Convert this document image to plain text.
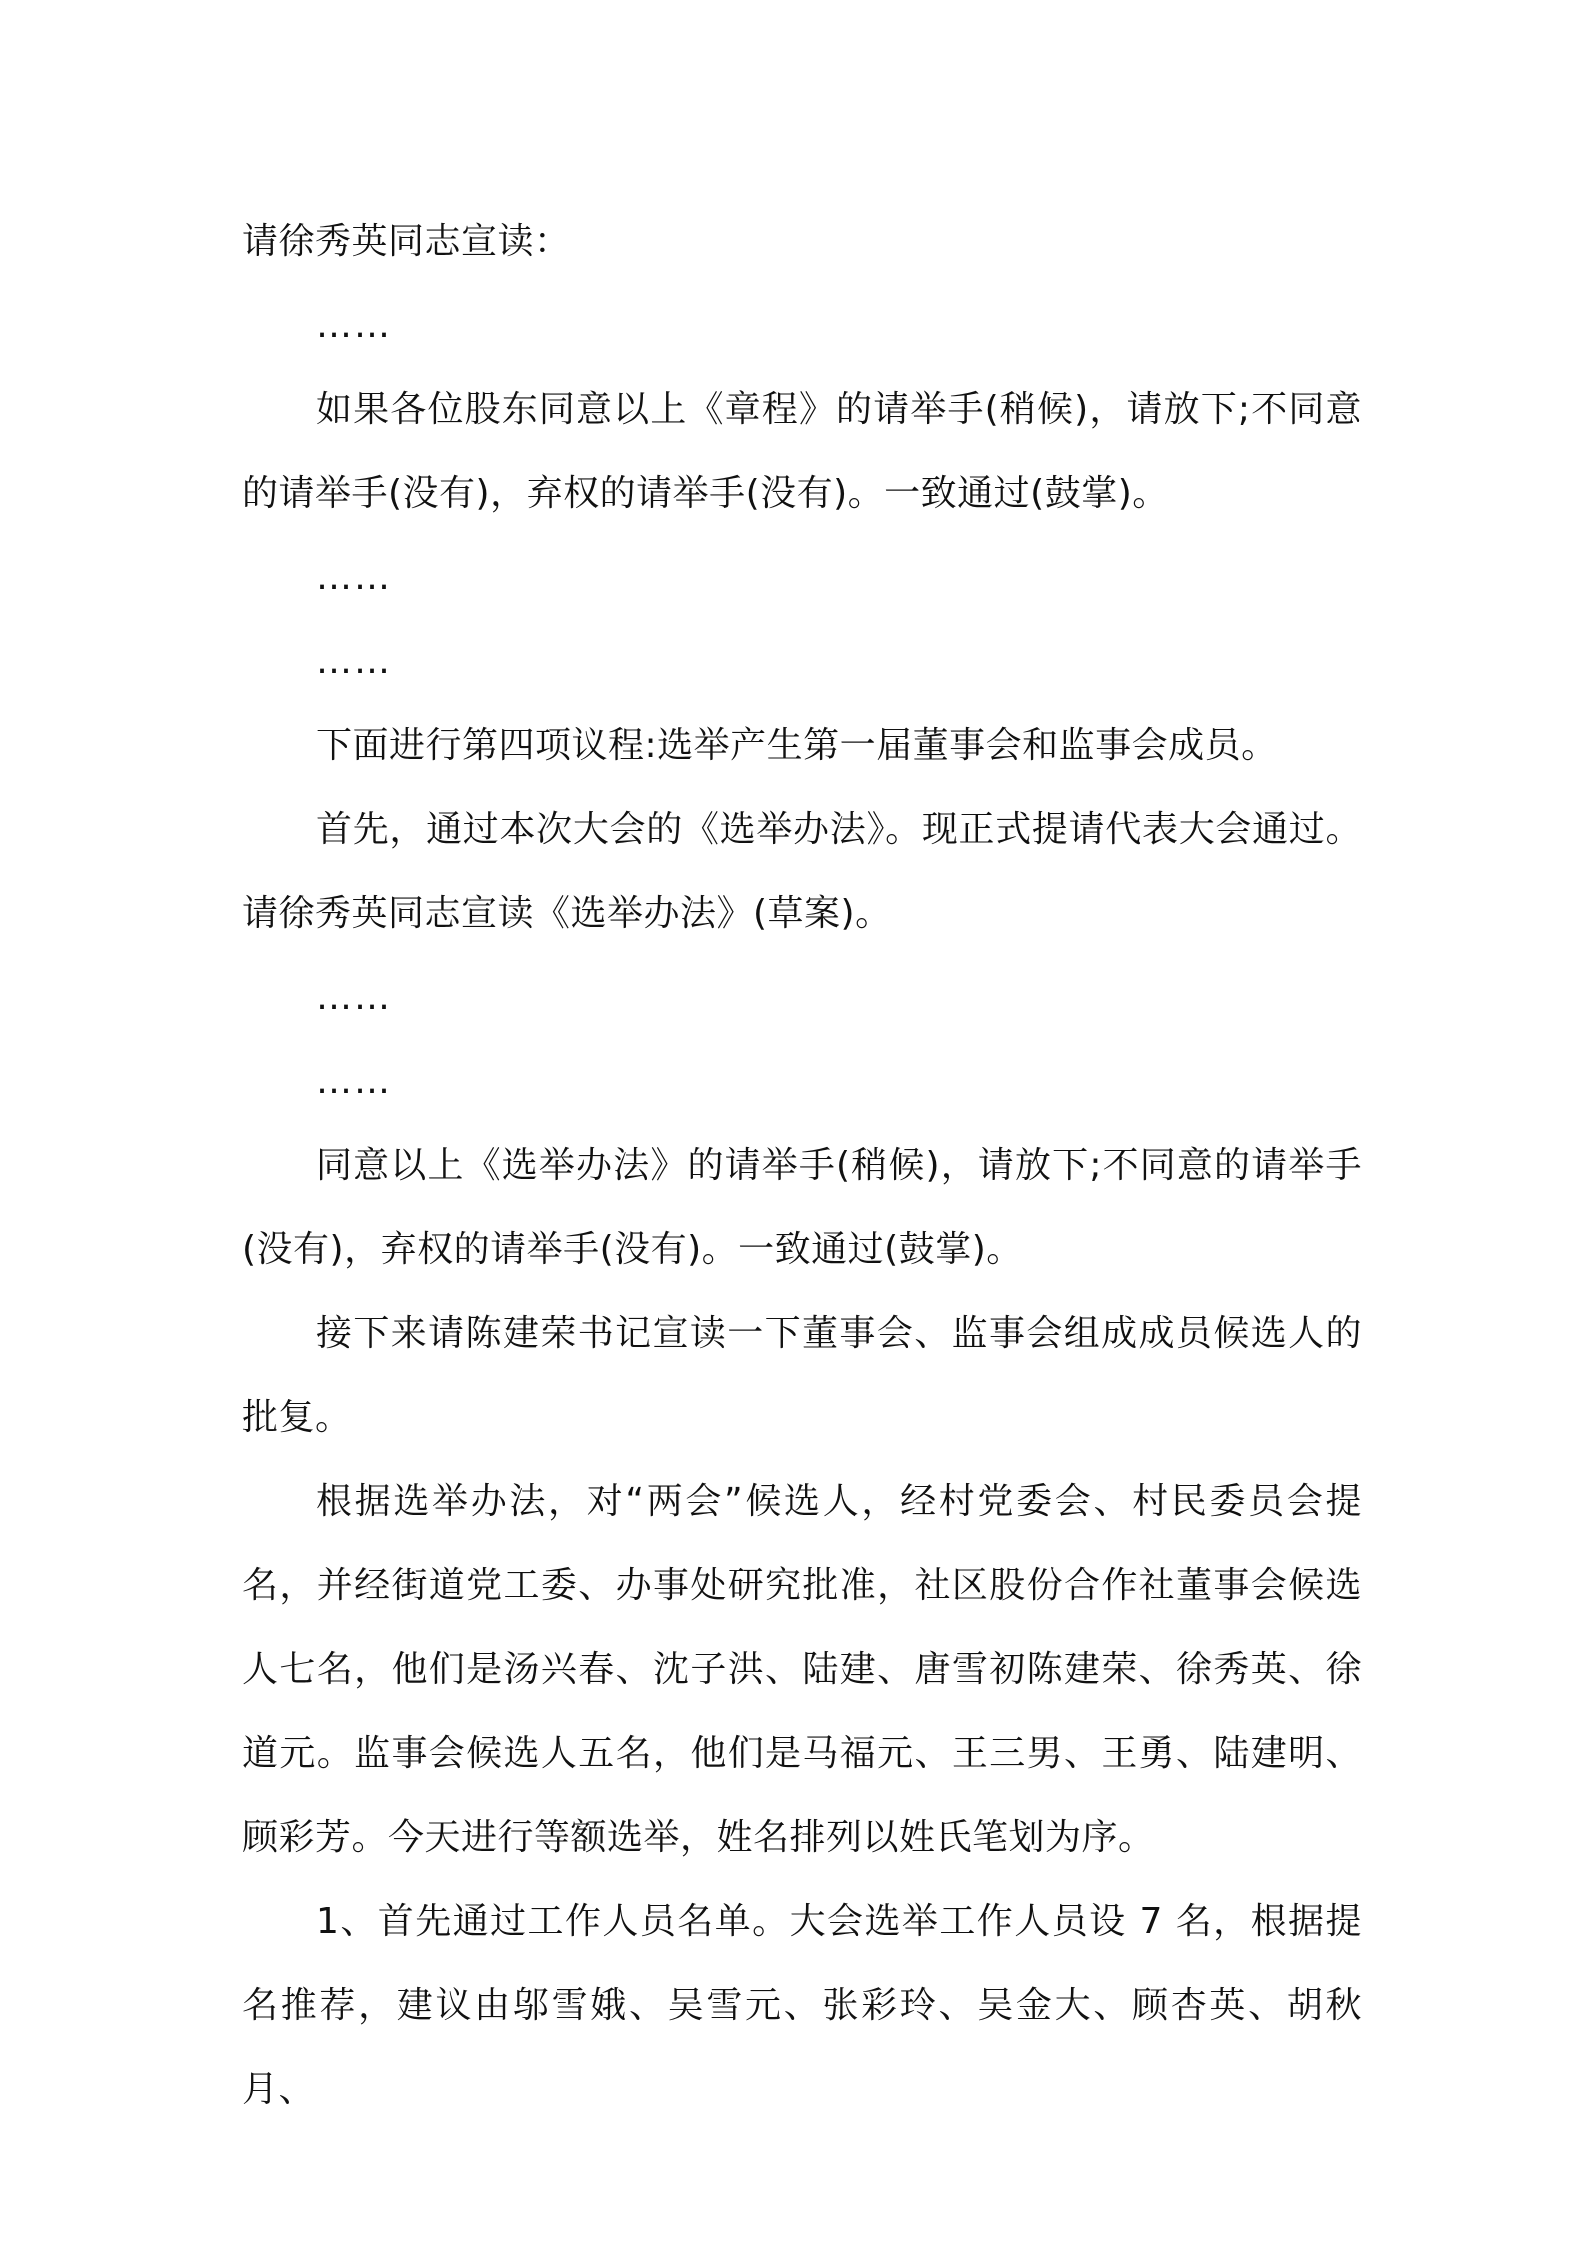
请徐秀英同志宣读：

……

如果各位股东同意以上《章程》的请举手(稍候)，请放下;不同意的请举手(没有)，弃权的请举手(没有)。一致通过(鼓掌)。

……

……

下面进行第四项议程:选举产生第一届董事会和监事会成员。

首先，通过本次大会的《选举办法》。现正式提请代表大会通过。请徐秀英同志宣读《选举办法》(草案)。

……

……

同意以上《选举办法》的请举手(稍候)，请放下;不同意的请举手(没有)，弃权的请举手(没有)。一致通过(鼓掌)。

接下来请陈建荣书记宣读一下董事会、监事会组成成员候选人的批复。

根据选举办法，对“两会”候选人，经村党委会、村民委员会提名，并经街道党工委、办事处研究批准，社区股份合作社董事会候选人七名，他们是汤兴春、沈子洪、陆建、唐雪初陈建荣、徐秀英、徐道元。监事会候选人五名，他们是马福元、王三男、王勇、陆建明、顾彩芳。今天进行等额选举，姓名排列以姓氏笔划为序。

1、首先通过工作人员名单。大会选举工作人员设 7 名，根据提名推荐，建议由邬雪娥、吴雪元、张彩玲、吴金大、顾杏英、胡秋月、
